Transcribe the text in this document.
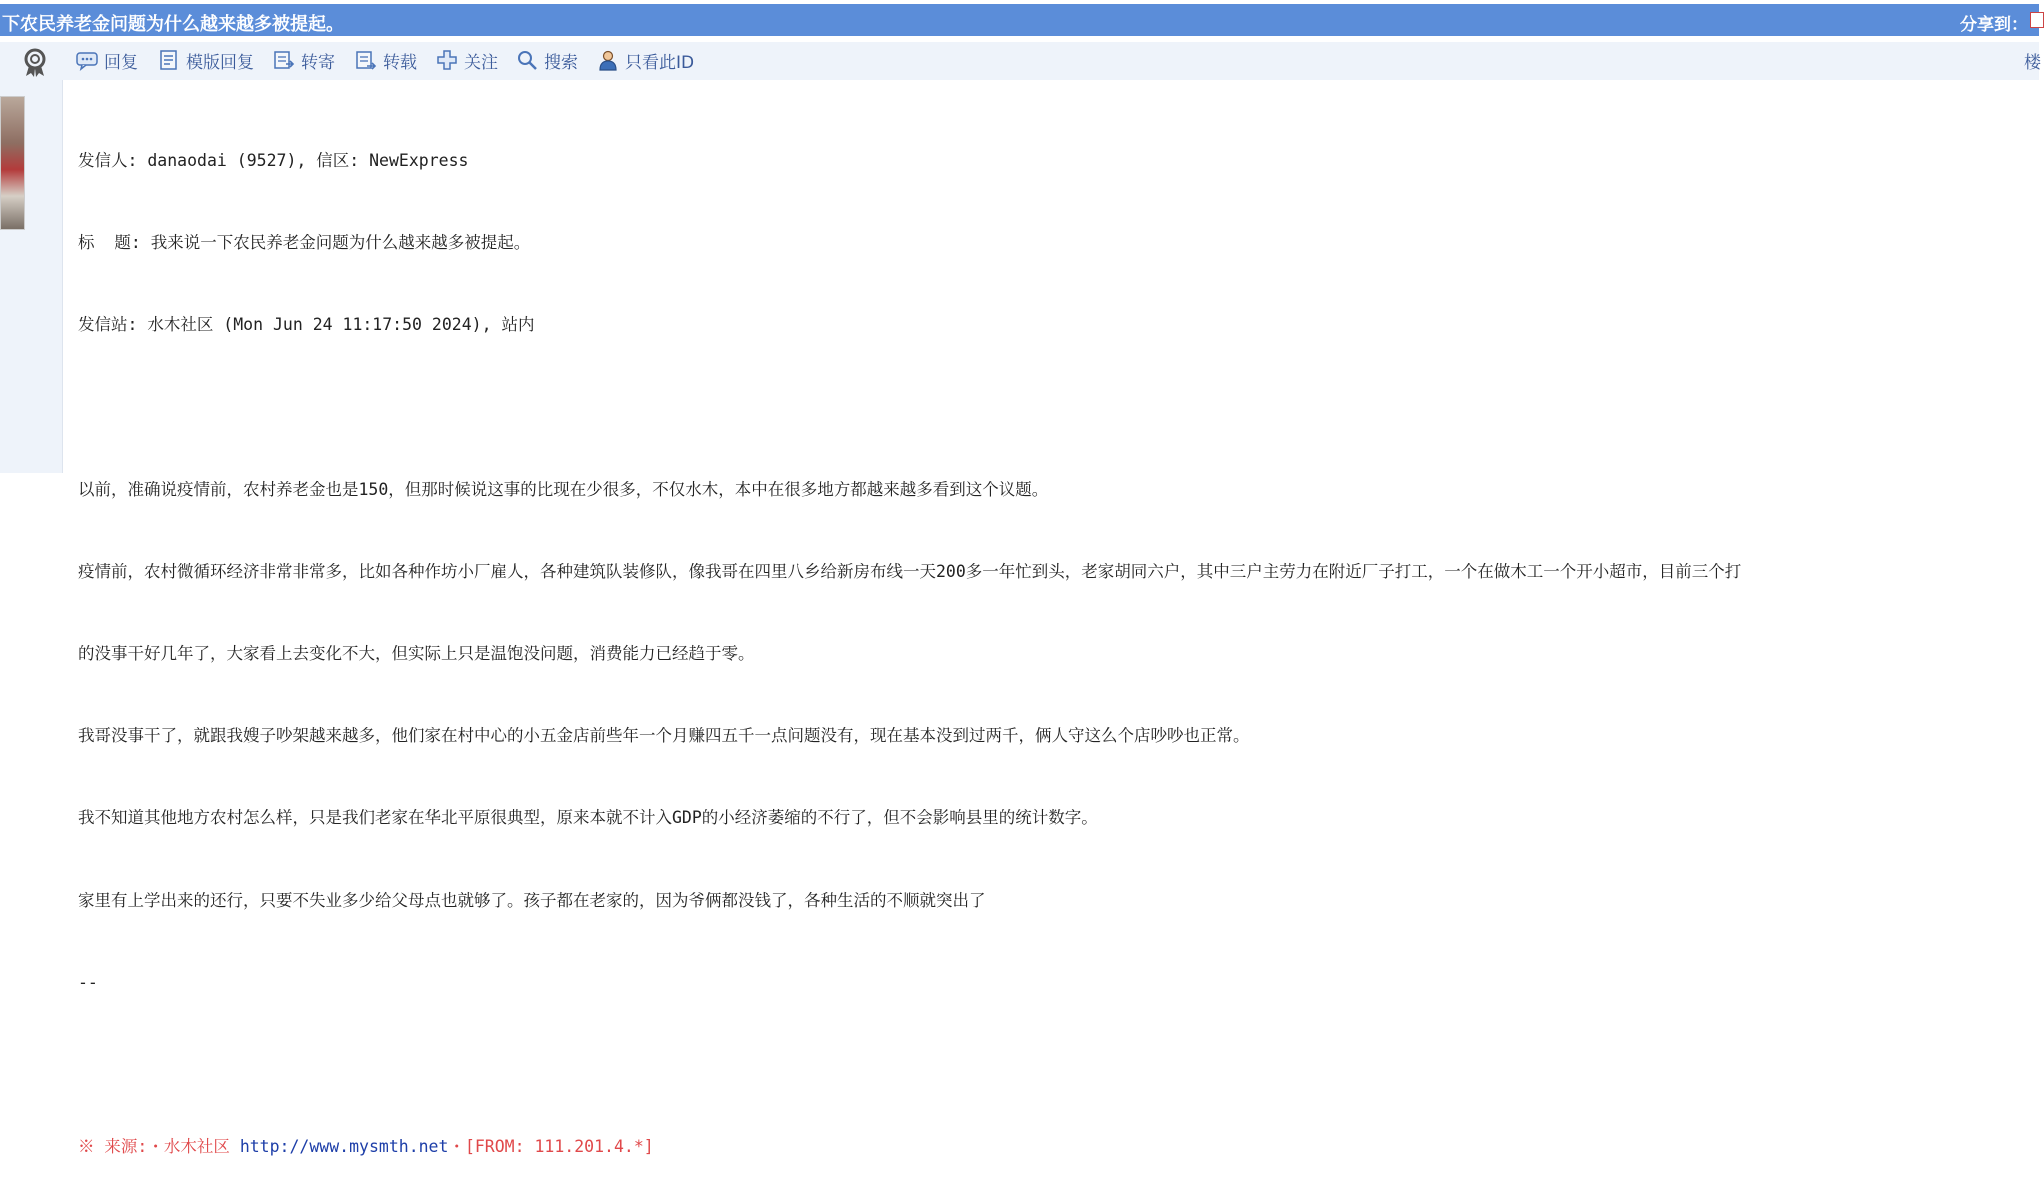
下农民养老金问题为什么越来越多被提起。	分享到：
回复	模版回复	转寄	转载	关注	搜索	只看此ID	楼

发信人: danaodai (9527), 信区: NewExpress

标  题: 我来说一下农民养老金问题为什么越来越多被提起。

发信站: 水木社区 (Mon Jun 24 11:17:50 2024), 站内

以前，准确说疫情前，农村养老金也是150，但那时候说这事的比现在少很多，不仅水木，本中在很多地方都越来越多看到这个议题。

疫情前，农村微循环经济非常非常多，比如各种作坊小厂雇人，各种建筑队装修队，像我哥在四里八乡给新房布线一天200多一年忙到头，老家胡同六户，其中三户主劳力在附近厂子打工，一个在做木工一个开小超市，目前三个打

的没事干好几年了，大家看上去变化不大，但实际上只是温饱没问题，消费能力已经趋于零。

我哥没事干了，就跟我嫂子吵架越来越多，他们家在村中心的小五金店前些年一个月赚四五千一点问题没有，现在基本没到过两千，俩人守这么个店吵吵也正常。

我不知道其他地方农村怎么样，只是我们老家在华北平原很典型，原来本就不计入GDP的小经济萎缩的不行了，但不会影响县里的统计数字。

家里有上学出来的还行，只要不失业多少给父母点也就够了。孩子都在老家的，因为爷俩都没钱了，各种生活的不顺就突出了

--

※ 来源:・水木社区 http://www.mysmth.net・[FROM: 111.201.4.*]
